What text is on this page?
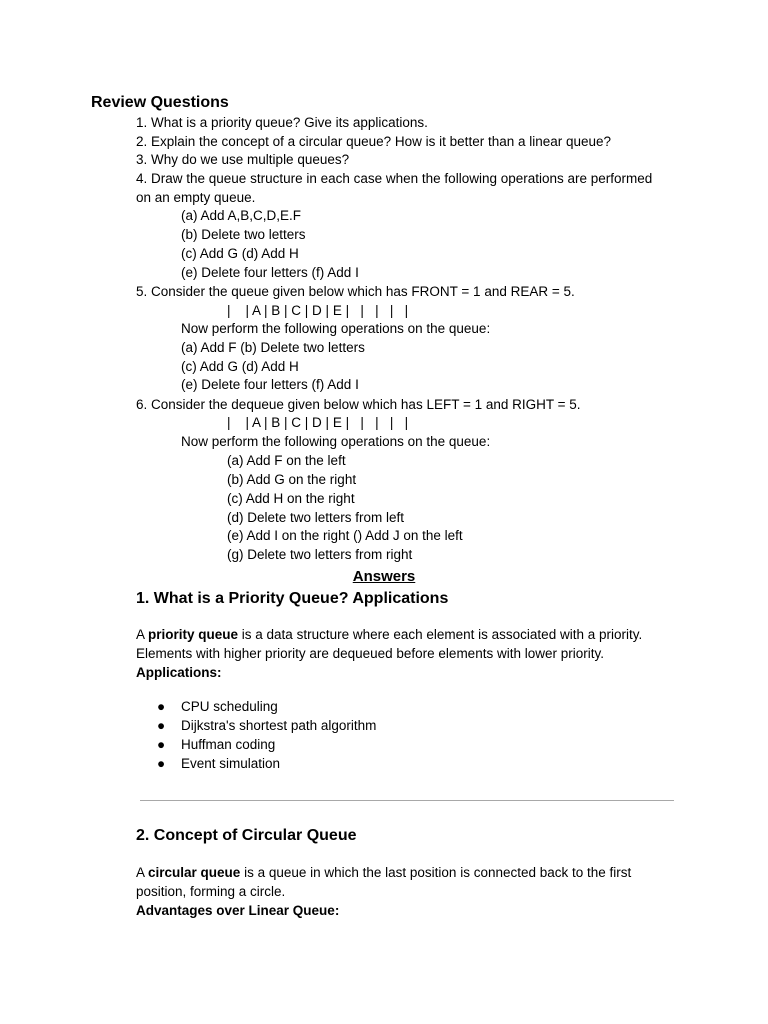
Review Questions
1. What is a priority queue? Give its applications.
2. Explain the concept of a circular queue? How is it better than a linear queue?
3. Why do we use multiple queues?
4. Draw the queue structure in each case when the following operations are performed
on an empty queue.
(a) Add A,B,C,D,E.F
(b) Delete two letters
(c) Add G (d) Add H
(e) Delete four letters (f) Add I
5. Consider the queue given below which has FRONT = 1 and REAR = 5.
|    | A | B | C | D | E |   |   |   |   |
Now perform the following operations on the queue:
(a) Add F (b) Delete two letters
(c) Add G (d) Add H
(e) Delete four letters (f) Add I
6. Consider the dequeue given below which has LEFT = 1 and RIGHT = 5.
|    | A | B | C | D | E |   |   |   |   |
Now perform the following operations on the queue:
(a) Add F on the left
(b) Add G on the right
(c) Add H on the right
(d) Delete two letters from left
(e) Add I on the right () Add J on the left
(g) Delete two letters from right
Answers
1. What is a Priority Queue? Applications
A priority queue is a data structure where each element is associated with a priority. Elements with higher priority are dequeued before elements with lower priority.
Applications:
● CPU scheduling
● Dijkstra's shortest path algorithm
● Huffman coding
● Event simulation
2. Concept of Circular Queue
A circular queue is a queue in which the last position is connected back to the first position, forming a circle.
Advantages over Linear Queue:
